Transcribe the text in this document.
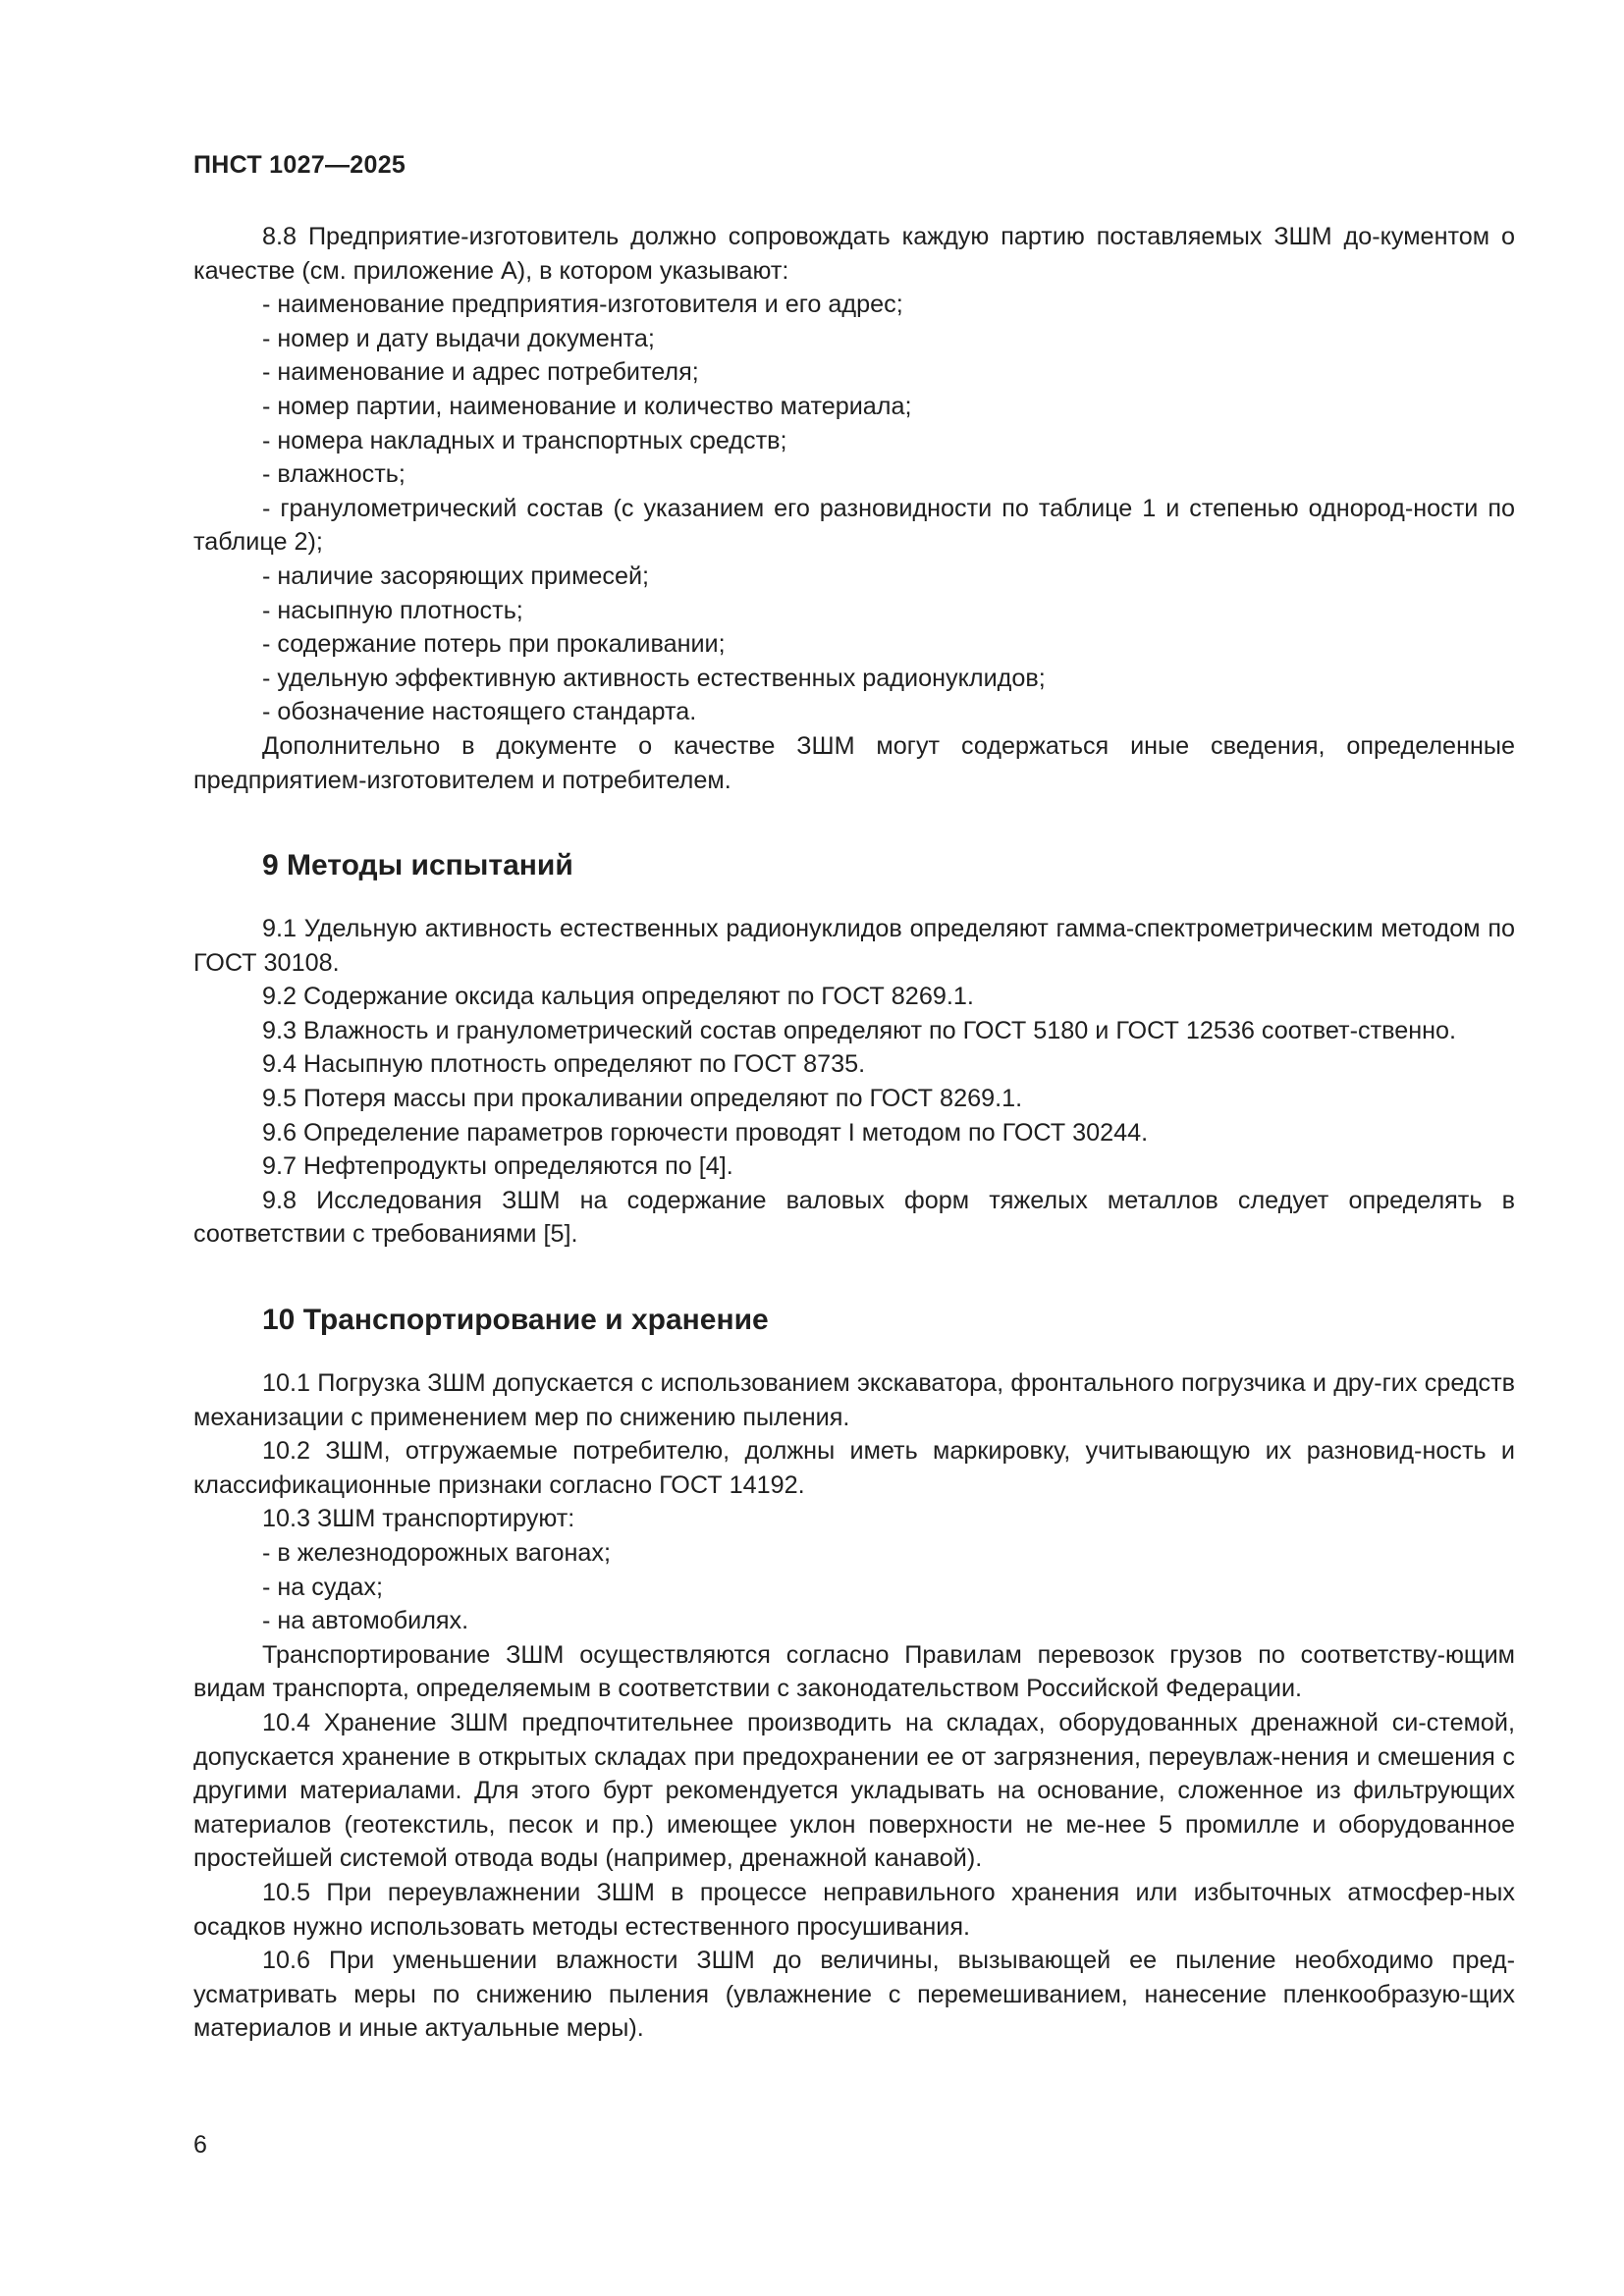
ПНСТ 1027—2025

8.8 Предприятие-изготовитель должно сопровождать каждую партию поставляемых ЗШМ до-кументом о качестве (см. приложение А), в котором указывают:

- наименование предприятия-изготовителя и его адрес;

- номер и дату выдачи документа;

- наименование и адрес потребителя;

- номер партии, наименование и количество материала;

- номера накладных и транспортных средств;

- влажность;

- гранулометрический состав (с указанием его разновидности по таблице 1 и степенью однород-ности по таблице 2);

- наличие засоряющих примесей;

- насыпную плотность;

- содержание потерь при прокаливании;

- удельную эффективную активность естественных радионуклидов;

- обозначение настоящего стандарта.

Дополнительно в документе о качестве ЗШМ могут содержаться иные сведения, определенные предприятием-изготовителем и потребителем.

9 Методы испытаний

9.1 Удельную активность естественных радионуклидов определяют гамма-спектрометрическим методом по ГОСТ 30108.

9.2 Содержание оксида кальция определяют по ГОСТ 8269.1.

9.3 Влажность и гранулометрический состав определяют по ГОСТ 5180 и ГОСТ 12536 соответ-ственно.

9.4 Насыпную плотность определяют по ГОСТ 8735.

9.5 Потеря массы при прокаливании определяют по ГОСТ 8269.1.

9.6 Определение параметров горючести проводят I методом по ГОСТ 30244.

9.7 Нефтепродукты определяются по [4].

9.8 Исследования ЗШМ на содержание валовых форм тяжелых металлов следует определять в соответствии с требованиями [5].

10 Транспортирование и хранение

10.1 Погрузка ЗШМ допускается с использованием экскаватора, фронтального погрузчика и дру-гих средств механизации с применением мер по снижению пыления.

10.2 ЗШМ, отгружаемые потребителю, должны иметь маркировку, учитывающую их разновид-ность и классификационные признаки согласно ГОСТ 14192.

10.3 ЗШМ транспортируют:

- в железнодорожных вагонах;

- на судах;

- на автомобилях.

Транспортирование ЗШМ осуществляются согласно Правилам перевозок грузов по соответству-ющим видам транспорта, определяемым в соответствии с законодательством Российской Федерации.

10.4 Хранение ЗШМ предпочтительнее производить на складах, оборудованных дренажной си-стемой, допускается хранение в открытых складах при предохранении ее от загрязнения, переувлаж-нения и смешения с другими материалами. Для этого бурт рекомендуется укладывать на основание, сложенное из фильтрующих материалов (геотекстиль, песок и пр.) имеющее уклон поверхности не ме-нее 5 промилле и оборудованное простейшей системой отвода воды (например, дренажной канавой).

10.5 При переувлажнении ЗШМ в процессе неправильного хранения или избыточных атмосфер-ных осадков нужно использовать методы естественного просушивания.

10.6 При уменьшении влажности ЗШМ до величины, вызывающей ее пыление необходимо пред-усматривать меры по снижению пыления (увлажнение с перемешиванием, нанесение пленкообразую-щих материалов и иные актуальные меры).

6
